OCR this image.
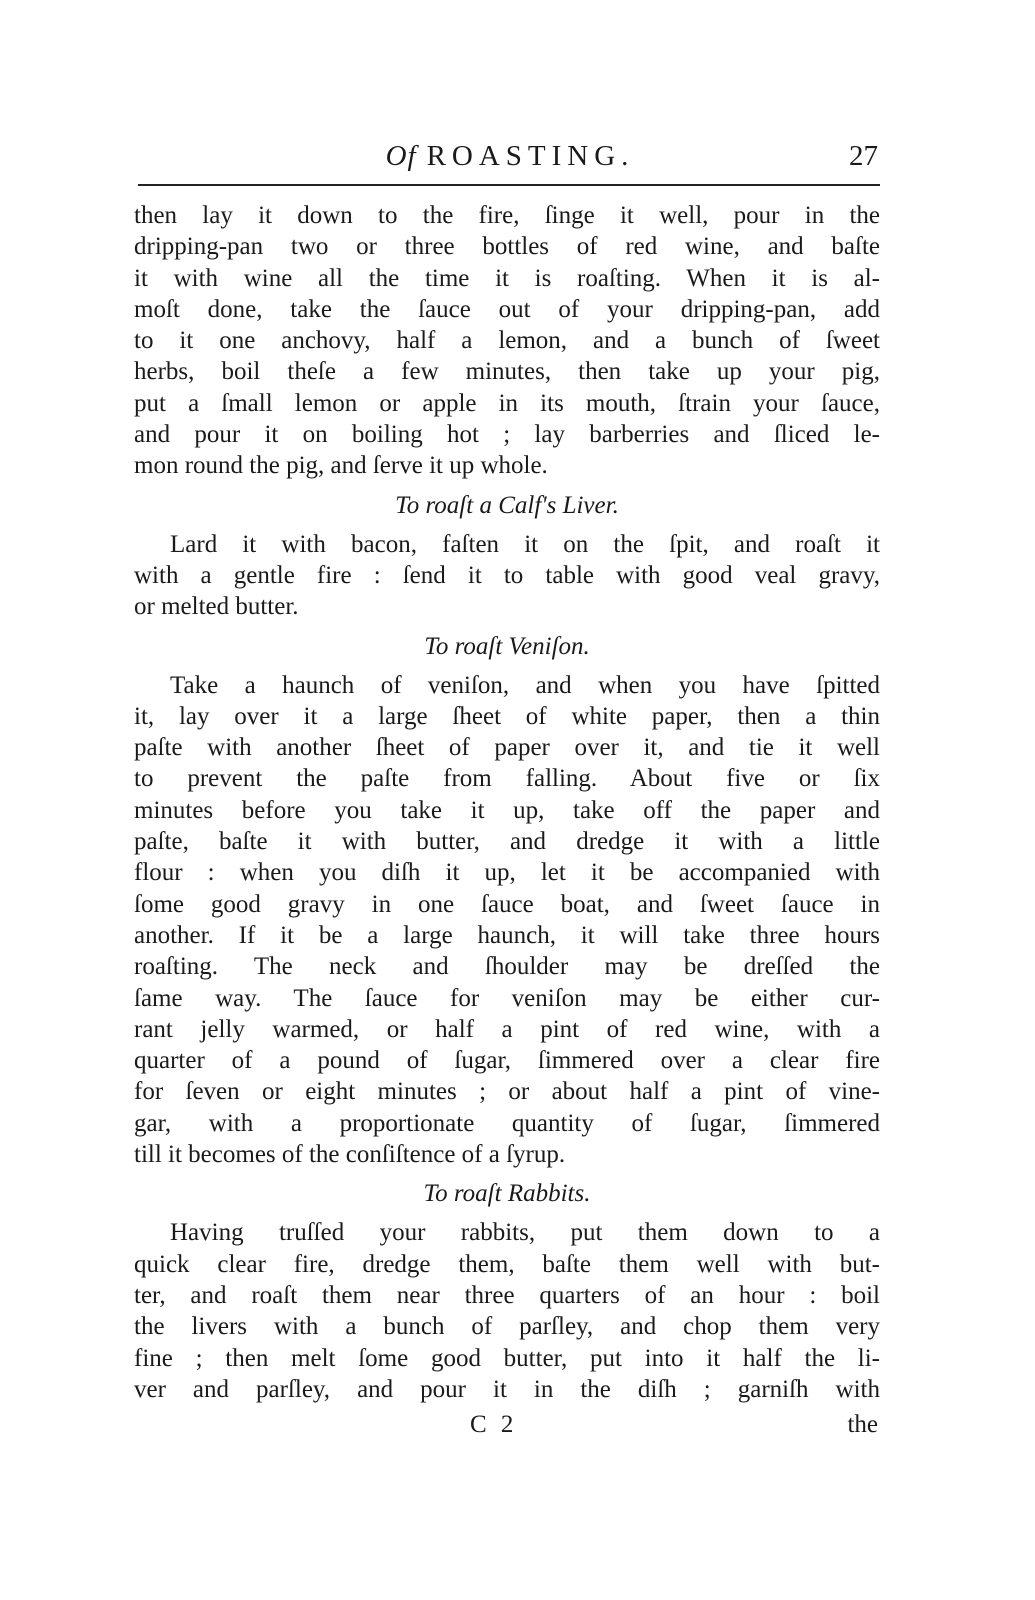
Of ROASTING.	27
then lay it down to the fire, ſinge it well, pour in the
dripping-pan two or three bottles of red wine, and baſte
it with wine all the time it is roaſting. When it is al-
moſt done, take the ſauce out of your dripping-pan, add
to it one anchovy, half a lemon, and a bunch of ſweet
herbs, boil theſe a few minutes, then take up your pig,
put a ſmall lemon or apple in its mouth, ſtrain your ſauce,
and pour it on boiling hot ; lay barberries and ſliced le-
mon round the pig, and ſerve it up whole.
To roaſt a Calf's Liver.
Lard it with bacon, faſten it on the ſpit, and roaſt it
with a gentle fire : ſend it to table with good veal gravy,
or melted butter.
To roaſt Veniſon.
Take a haunch of veniſon, and when you have ſpitted
it, lay over it a large ſheet of white paper, then a thin
paſte with another ſheet of paper over it, and tie it well
to prevent the paſte from falling. About five or ſix
minutes before you take it up, take off the paper and
paſte, baſte it with butter, and dredge it with a little
flour : when you diſh it up, let it be accompanied with
ſome good gravy in one ſauce boat, and ſweet ſauce in
another. If it be a large haunch, it will take three hours
roaſting. The neck and ſhoulder may be dreſſed the
ſame way. The ſauce for veniſon may be either cur-
rant jelly warmed, or half a pint of red wine, with a
quarter of a pound of ſugar, ſimmered over a clear fire
for ſeven or eight minutes ; or about half a pint of vine-
gar, with a proportionate quantity of ſugar, ſimmered
till it becomes of the conſiſtence of a ſyrup.
To roaſt Rabbits.
Having truſſed your rabbits, put them down to a
quick clear fire, dredge them, baſte them well with but-
ter, and roaſt them near three quarters of an hour : boil
the livers with a bunch of parſley, and chop them very
fine ; then melt ſome good butter, put into it half the li-
ver and parſley, and pour it in the diſh ; garniſh with
C 2	the
